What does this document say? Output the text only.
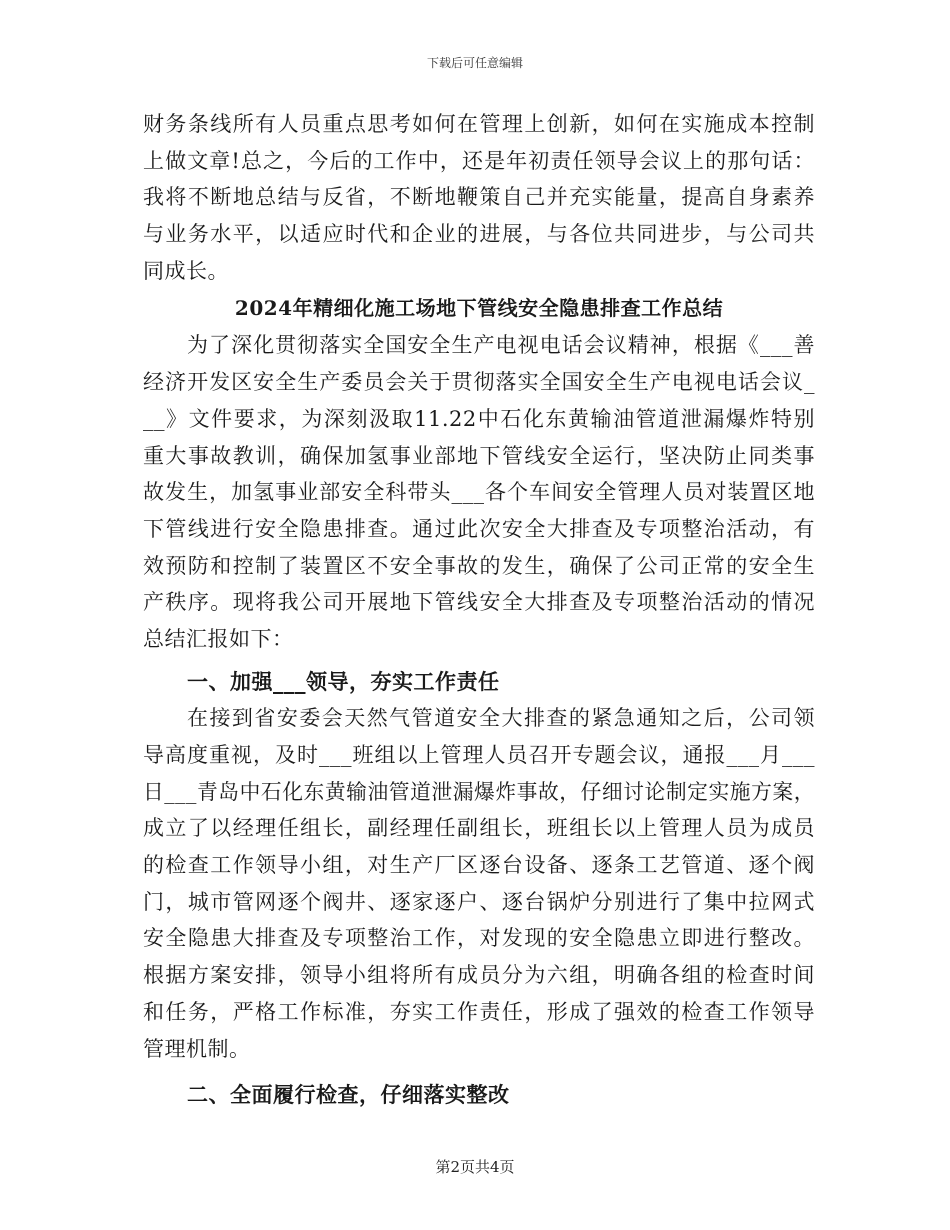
下载后可任意编辑
财务条线所有人员重点思考如何在管理上创新，如何在实施成本控制
上做文章!总之，今后的工作中，还是年初责任领导会议上的那句话：
我将不断地总结与反省，不断地鞭策自己并充实能量，提高自身素养
与业务水平，以适应时代和企业的进展，与各位共同进步，与公司共
同成长。
2024年精细化施工场地下管线安全隐患排查工作总结
为了深化贯彻落实全国安全生产电视电话会议精神，根据《___善
经济开发区安全生产委员会关于贯彻落实全国安全生产电视电话会议_
__》文件要求，为深刻汲取11.22中石化东黄输油管道泄漏爆炸特别
重大事故教训，确保加氢事业部地下管线安全运行，坚决防止同类事
故发生，加氢事业部安全科带头___各个车间安全管理人员对装置区地
下管线进行安全隐患排查。通过此次安全大排查及专项整治活动，有
效预防和控制了装置区不安全事故的发生，确保了公司正常的安全生
产秩序。现将我公司开展地下管线安全大排查及专项整治活动的情况
总结汇报如下：
一、加强___领导，夯实工作责任
在接到省安委会天然气管道安全大排查的紧急通知之后，公司领
导高度重视，及时___班组以上管理人员召开专题会议，通报___月___
日___青岛中石化东黄输油管道泄漏爆炸事故，仔细讨论制定实施方案，
成立了以经理任组长，副经理任副组长，班组长以上管理人员为成员
的检查工作领导小组，对生产厂区逐台设备、逐条工艺管道、逐个阀
门，城市管网逐个阀井、逐家逐户、逐台锅炉分别进行了集中拉网式
安全隐患大排查及专项整治工作，对发现的安全隐患立即进行整改。
根据方案安排，领导小组将所有成员分为六组，明确各组的检查时间
和任务，严格工作标准，夯实工作责任，形成了强效的检查工作领导
管理机制。
二、全面履行检查，仔细落实整改
第2页共4页
